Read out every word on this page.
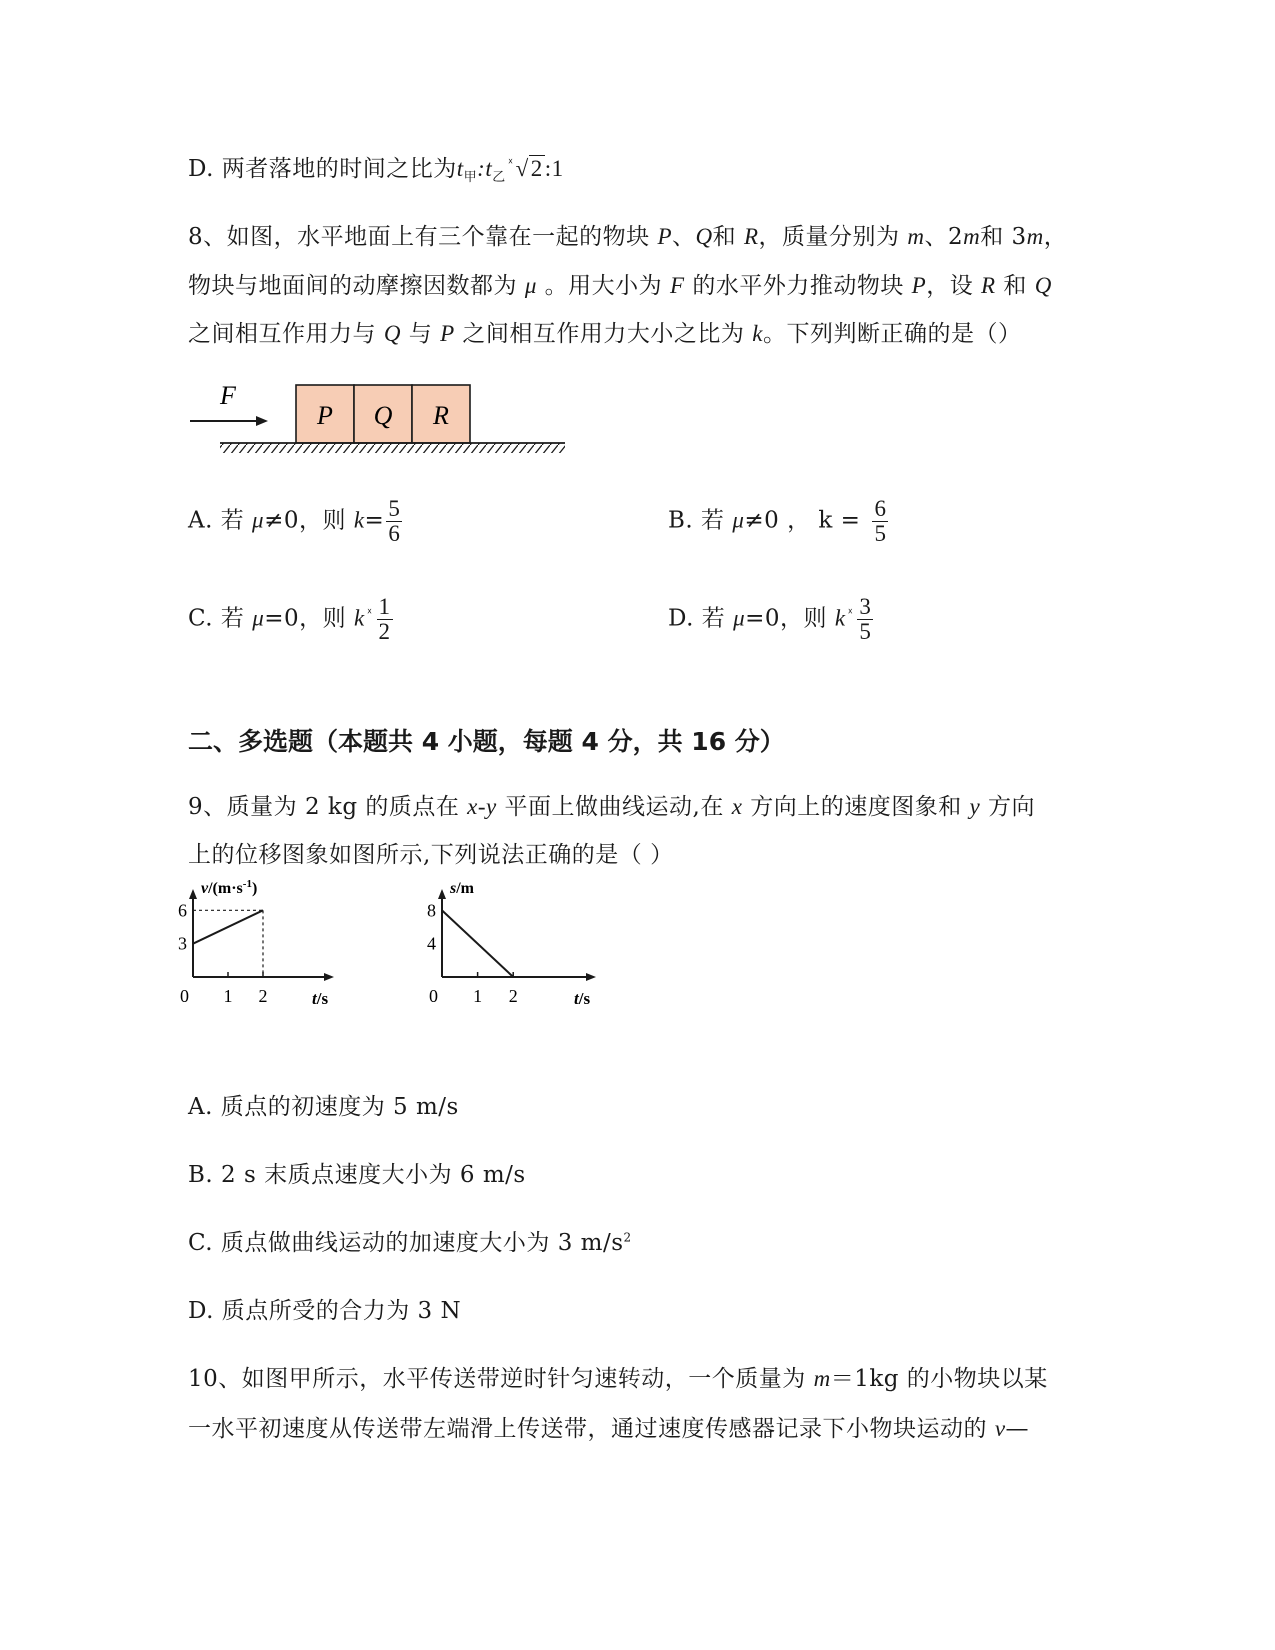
D. 两者落地的时间之比为$t_甲:t_乙^ᕁ√2:1$
8、如图，水平地面上有三个靠在一起的物块 P、Q和 R，质量分别为 m、2m和 3m，
物块与地面间的动摩擦因数都为 μ 。用大小为 F 的水平外力推动物块 P，设 R 和 Q
之间相互作用力与 Q 与 P 之间相互作用力大小之比为 k。下列判断正确的是（）
F
P Q R
A. 若 μ≠0，则 $k= \frac{5}{6}$	B. 若 μ≠0 ， $k = \frac{6}{5}$
C. 若 μ=0，则 k $^ᕁ \frac{1}{2}$	D. 若 μ=0，则 k $^ᕁ \frac{3}{5}$
二、多选题（本题共 4 小题，每题 4 分，共 16 分）
9、质量为 2 kg 的质点在 x-y 平面上做曲线运动,在 x 方向上的速度图象和 y 方向
上的位移图象如图所示,下列说法正确的是（ ）
$v/(m\cdot s^{-1})$
t/s
0 1 2
3
6
s/m
t/s
0 1 2
4
8
A. 质点的初速度为 5 m/s
B. 2 s 末质点速度大小为 6 m/s
C. 质点做曲线运动的加速度大小为 3 $m/s^2$
D. 质点所受的合力为 3 N
10、如图甲所示，水平传送带逆时针匀速转动，一个质量为 m＝1kg 的小物块以某
一水平初速度从传送带左端滑上传送带，通过速度传感器记录下小物块运动的 v—
